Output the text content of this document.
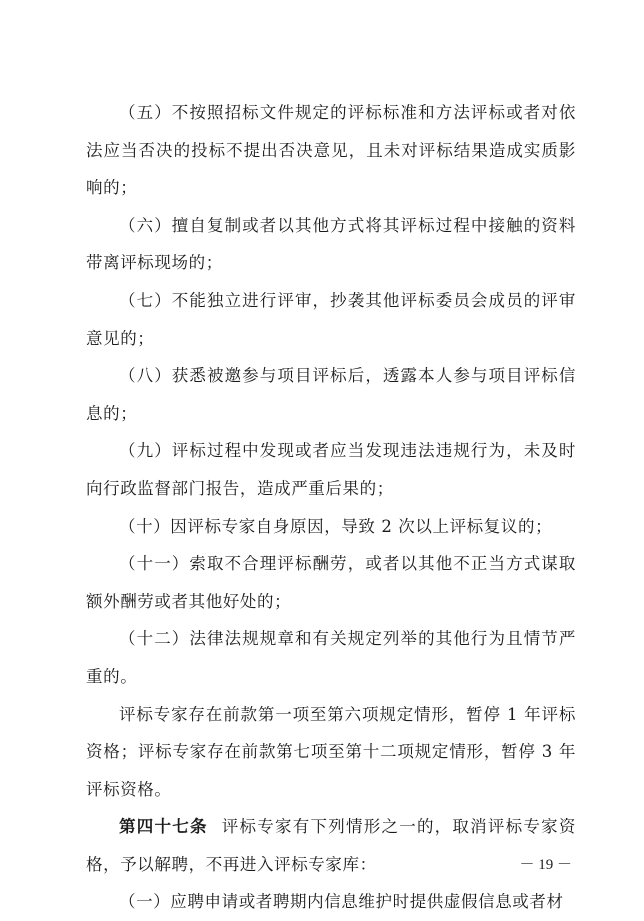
（五）不按照招标文件规定的评标标准和方法评标或者对依法应当否决的投标不提出否决意见，且未对评标结果造成实质影响的；

（六）擅自复制或者以其他方式将其评标过程中接触的资料带离评标现场的；

（七）不能独立进行评审，抄袭其他评标委员会成员的评审意见的；

（八）获悉被邀参与项目评标后，透露本人参与项目评标信息的；

（九）评标过程中发现或者应当发现违法违规行为，未及时向行政监督部门报告，造成严重后果的；

（十）因评标专家自身原因，导致 2 次以上评标复议的；

（十一）索取不合理评标酬劳，或者以其他不正当方式谋取额外酬劳或者其他好处的；

（十二）法律法规规章和有关规定列举的其他行为且情节严重的。

评标专家存在前款第一项至第六项规定情形，暂停 1 年评标资格；评标专家存在前款第七项至第十二项规定情形，暂停 3 年评标资格。

第四十七条 评标专家有下列情形之一的，取消评标专家资格，予以解聘，不再进入评标专家库：

（一）应聘申请或者聘期内信息维护时提供虚假信息或者材

－ 19 －
